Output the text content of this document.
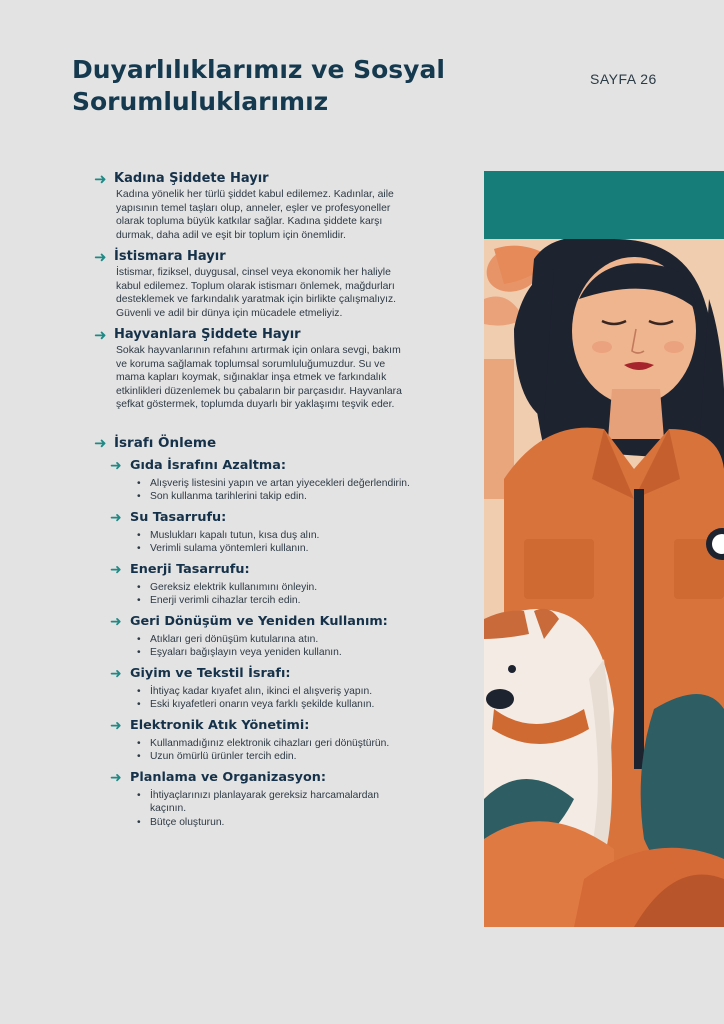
Duyarlılıklarımız ve Sosyal Sorumluluklarımız
SAYFA 26
➜ Kadına Şiddete Hayır
Kadına yönelik her türlü şiddet kabul edilemez. Kadınlar, aile yapısının temel taşları olup, anneler, eşler ve profesyoneller olarak topluma büyük katkılar sağlar. Kadına şiddete karşı durmak, daha adil ve eşit bir toplum için önemlidir.
➜ İstismara Hayır
İstismar, fiziksel, duygusal, cinsel veya ekonomik her haliyle kabul edilemez. Toplum olarak istismarı önlemek, mağdurları desteklemek ve farkındalık yaratmak için birlikte çalışmalıyız. Güvenli ve adil bir dünya için mücadele etmeliyiz.
➜ Hayvanlara Şiddete Hayır
Sokak hayvanlarının refahını artırmak için onlara sevgi, bakım ve koruma sağlamak toplumsal sorumluluğumuzdur. Su ve mama kapları koymak, sığınaklar inşa etmek ve farkındalık etkinlikleri düzenlemek bu çabaların bir parçasıdır. Hayvanlara şefkat göstermek, toplumda duyarlı bir yaklaşımı teşvik eder.
➜ İsrafı Önleme
➜ Gıda İsrafını Azaltma:
• Alışveriş listesini yapın ve artan yiyecekleri değerlendirin.
• Son kullanma tarihlerini takip edin.
➜ Su Tasarrufu:
• Muslukları kapalı tutun, kısa duş alın.
• Verimli sulama yöntemleri kullanın.
➜ Enerji Tasarrufu:
• Gereksiz elektrik kullanımını önleyin.
• Enerji verimli cihazlar tercih edin.
➜ Geri Dönüşüm ve Yeniden Kullanım:
• Atıkları geri dönüşüm kutularına atın.
• Eşyaları bağışlayın veya yeniden kullanın.
➜ Giyim ve Tekstil İsrafı:
• İhtiyaç kadar kıyafet alın, ikinci el alışveriş yapın.
• Eski kıyafetleri onarın veya farklı şekilde kullanın.
➜ Elektronik Atık Yönetimi:
• Kullanmadığınız elektronik cihazları geri dönüştürün.
• Uzun ömürlü ürünler tercih edin.
➜ Planlama ve Organizasyon:
• İhtiyaçlarınızı planlayarak gereksiz harcamalardan kaçının.
• Bütçe oluşturun.
